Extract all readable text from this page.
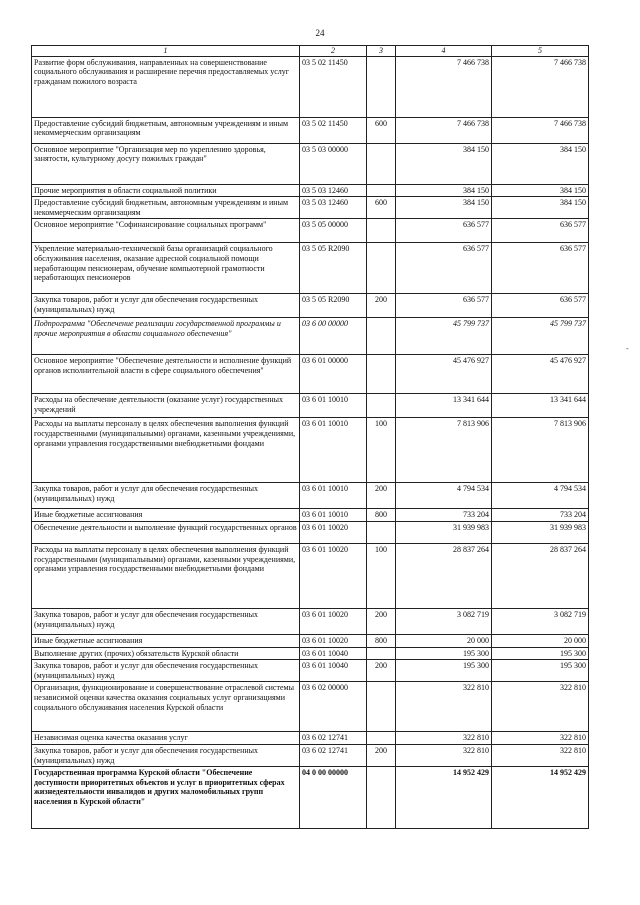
24
-
1	2	3	4	5
Развитие форм обслуживания, направленных на совершенствование социального обслуживания и расширение перечня предоставляемых услуг гражданам пожилого возраста	03 5 02 11450		7 466 738	7 466 738
Предоставление субсидий бюджетным, автономным учреждениям и иным некоммерческим организациям	03 5 02 11450	600	7 466 738	7 466 738
Основное мероприятие "Организация мер по укреплению здоровья, занятости, культурному досугу пожилых граждан"	03 5 03 00000		384 150	384 150
Прочие мероприятия в области социальной политики	03 5 03 12460		384 150	384 150
Предоставление субсидий бюджетным, автономным учреждениям и иным некоммерческим организациям	03 5 03 12460	600	384 150	384 150
Основное мероприятие "Софинансирование социальных программ"	03 5 05 00000		636 577	636 577
Укрепление материально-технической базы организаций социального обслуживания населения, оказание адресной социальной помощи неработающим пенсионерам, обучение компьютерной грамотности неработающих пенсионеров	03 5 05 R2090		636 577	636 577
Закупка товаров, работ и услуг для обеспечения государственных (муниципальных) нужд	03 5 05 R2090	200	636 577	636 577
Подпрограмма "Обеспечение реализации государственной программы и прочие мероприятия в области социального обеспечения"	03 6 00 00000		45 799 737	45 799 737
Основное мероприятие "Обеспечение деятельности и исполнение функций органов исполнительной власти в сфере социального обеспечения"	03 6 01 00000		45 476 927	45 476 927
Расходы на обеспечение деятельности (оказание услуг) государственных учреждений	03 6 01 10010		13 341 644	13 341 644
Расходы на выплаты персоналу в целях обеспечения выполнения функций государственными (муниципальными) органами, казенными учреждениями, органами управления государственными внебюджетными фондами	03 6 01 10010	100	7 813 906	7 813 906
Закупка товаров, работ и услуг для обеспечения государственных (муниципальных) нужд	03 6 01 10010	200	4 794 534	4 794 534
Иные бюджетные ассигнования	03 6 01 10010	800	733 204	733 204
Обеспечение деятельности и выполнение функций государственных органов	03 6 01 10020		31 939 983	31 939 983
Расходы на выплаты персоналу в целях обеспечения выполнения функций государственными (муниципальными) органами, казенными учреждениями, органами управления государственными внебюджетными фондами	03 6 01 10020	100	28 837 264	28 837 264
Закупка товаров, работ и услуг для обеспечения государственных (муниципальных) нужд	03 6 01 10020	200	3 082 719	3 082 719
Иные бюджетные ассигнования	03 6 01 10020	800	20 000	20 000
Выполнение других (прочих) обязательств Курской области	03 6 01 10040		195 300	195 300
Закупка товаров, работ и услуг для обеспечения государственных (муниципальных) нужд	03 6 01 10040	200	195 300	195 300
Организация, функционирование и совершенствование отраслевой системы независимой оценки качества оказания социальных услуг организациями социального обслуживания населения Курской области	03 6 02 00000		322 810	322 810
Независимая оценка качества оказания услуг	03 6 02 12741		322 810	322 810
Закупка товаров, работ и услуг для обеспечения государственных (муниципальных) нужд	03 6 02 12741	200	322 810	322 810
Государственная программа Курской области "Обеспечение доступности приоритетных объектов и услуг в приоритетных сферах жизнедеятельности инвалидов и других маломобильных групп населения в Курской области"	04 0 00 00000		14 952 429	14 952 429
